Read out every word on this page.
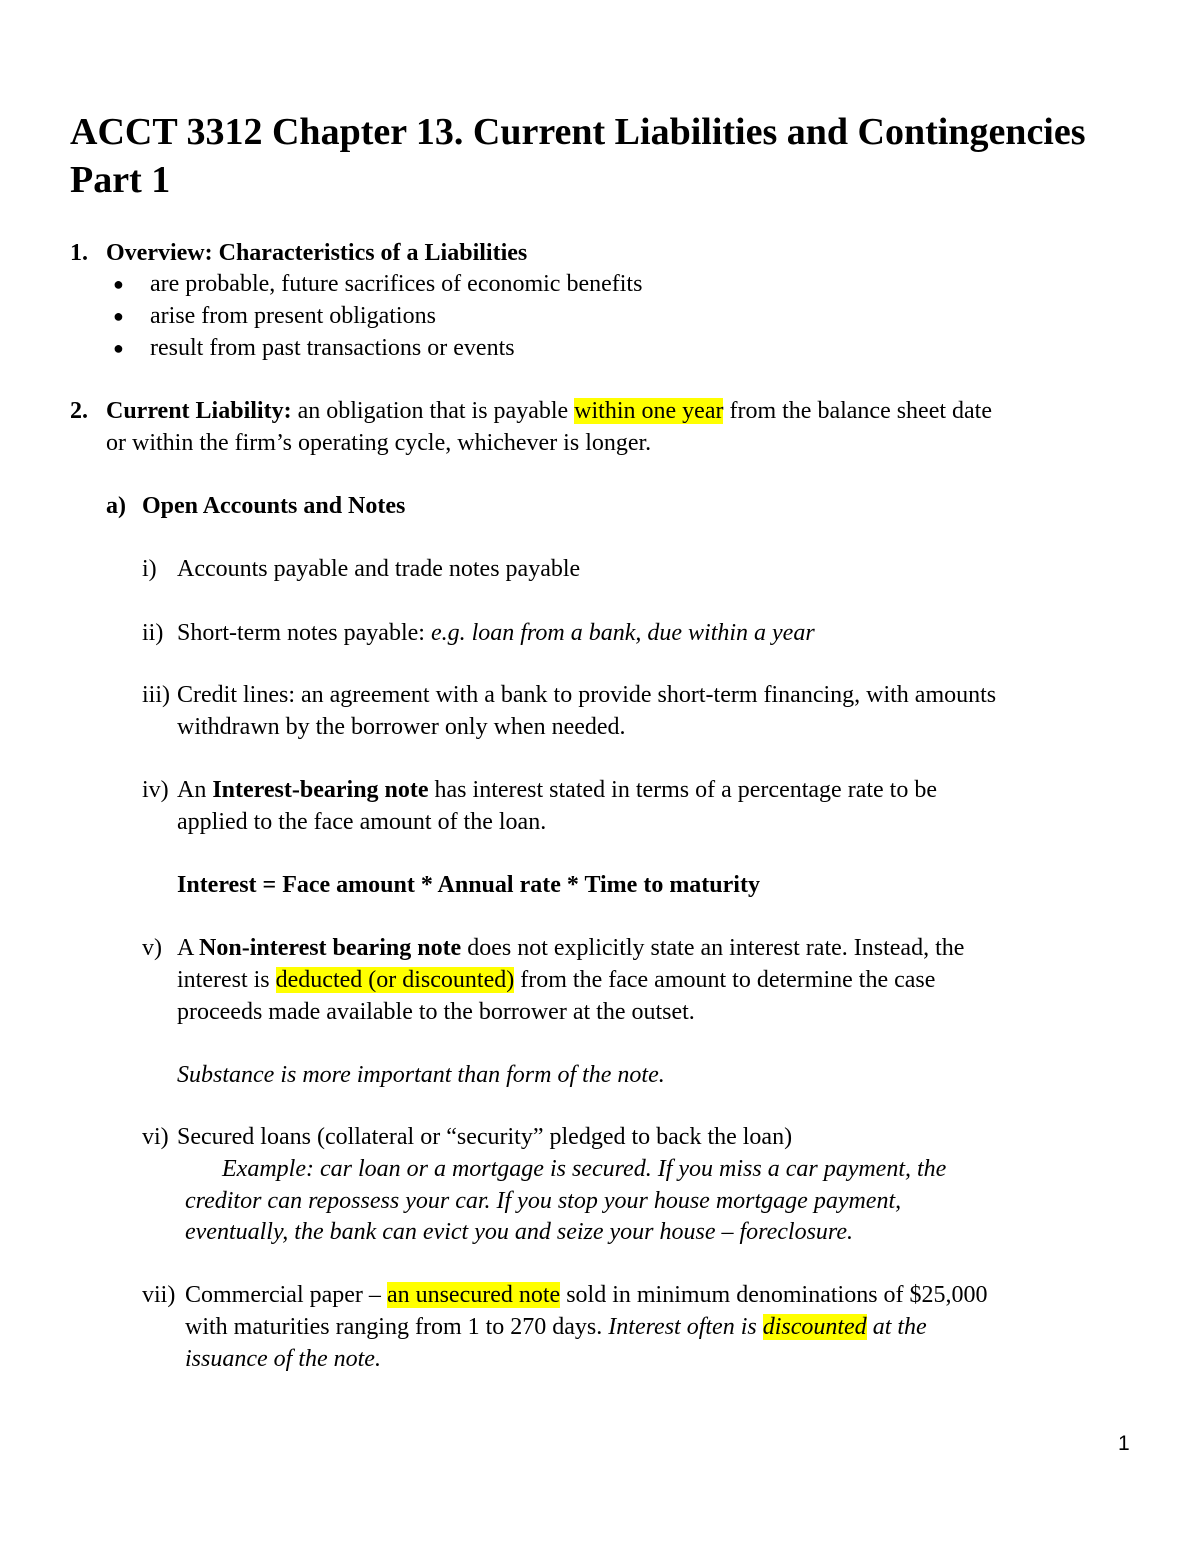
ACCT 3312 Chapter 13. Current Liabilities and Contingencies
Part 1
1. Overview: Characteristics of a Liabilities
● are probable, future sacrifices of economic benefits
● arise from present obligations
● result from past transactions or events
2. Current Liability: an obligation that is payable within one year from the balance sheet date
or within the firm’s operating cycle, whichever is longer.
a) Open Accounts and Notes
i) Accounts payable and trade notes payable
ii) Short-term notes payable: e.g. loan from a bank, due within a year
iii) Credit lines: an agreement with a bank to provide short-term financing, with amounts
withdrawn by the borrower only when needed.
iv) An Interest-bearing note has interest stated in terms of a percentage rate to be
applied to the face amount of the loan.
Interest = Face amount * Annual rate * Time to maturity
v) A Non-interest bearing note does not explicitly state an interest rate. Instead, the
interest is deducted (or discounted) from the face amount to determine the case
proceeds made available to the borrower at the outset.
Substance is more important than form of the note.
vi) Secured loans (collateral or “security” pledged to back the loan)
Example: car loan or a mortgage is secured. If you miss a car payment, the
creditor can repossess your car. If you stop your house mortgage payment,
eventually, the bank can evict you and seize your house – foreclosure.
vii) Commercial paper – an unsecured note sold in minimum denominations of $25,000
with maturities ranging from 1 to 270 days. Interest often is discounted at the
issuance of the note.
1
